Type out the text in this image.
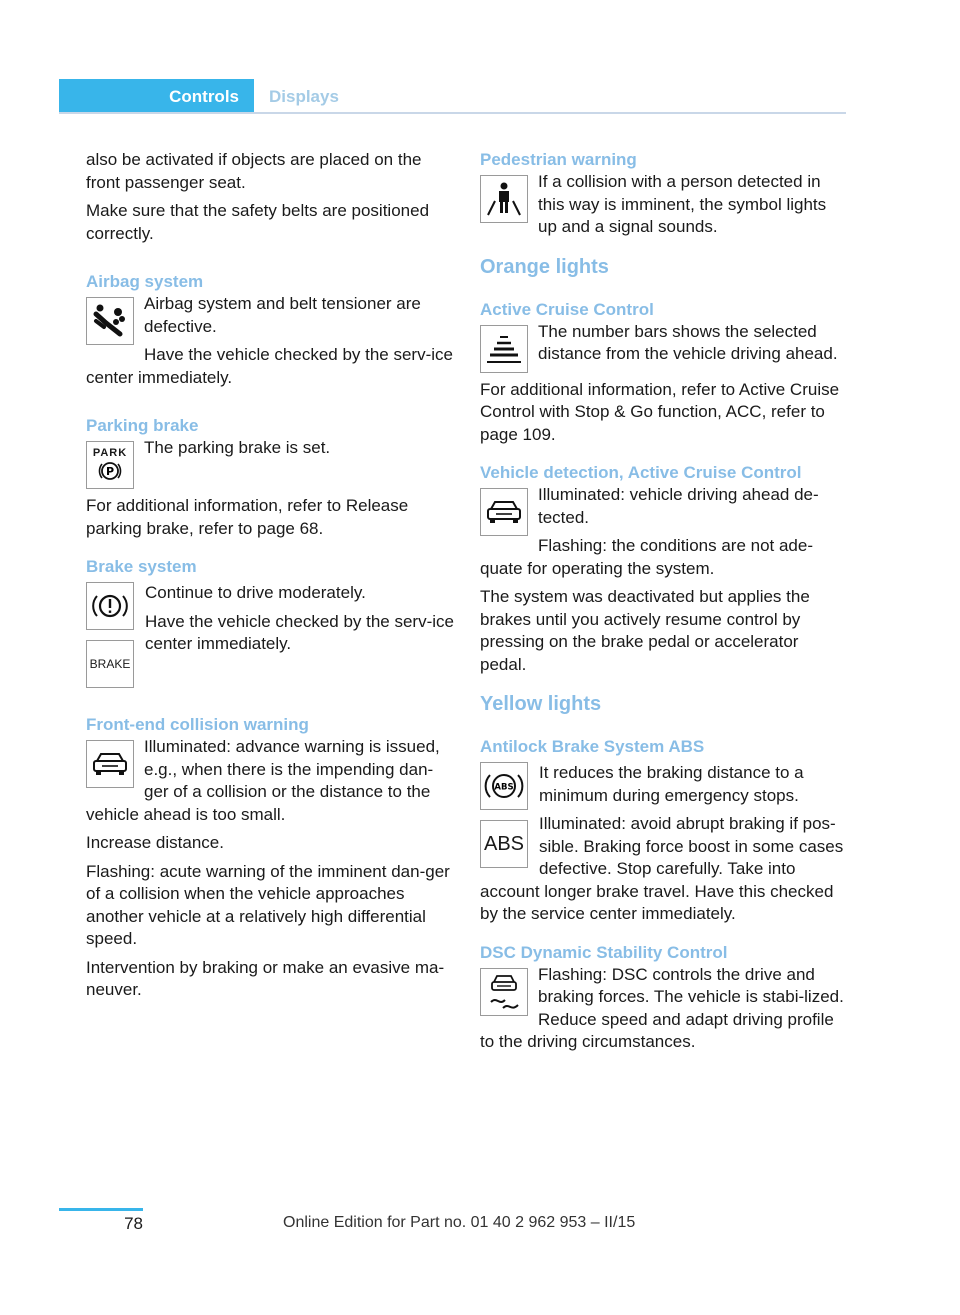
Controls	Displays

also be activated if objects are placed on the front passenger seat.

Make sure that the safety belts are positioned correctly.

Airbag system

Airbag system and belt tensioner are defective.

Have the vehicle checked by the serv‐ice center immediately.

Parking brake
PARK
P

The parking brake is set.

For additional information, refer to Release parking brake, refer to page 68.

Brake system
BRAKE

Continue to drive moderately.

Have the vehicle checked by the serv‐ice center immediately.

Front-end collision warning

Illuminated: advance warning is issued, e.g., when there is the impending dan‐ger of a collision or the distance to the vehicle ahead is too small.

Increase distance.

Flashing: acute warning of the imminent dan‐ger of a collision when the vehicle approaches another vehicle at a relatively high differential speed.

Intervention by braking or make an evasive ma‐neuver.

Pedestrian warning

If a collision with a person detected in this way is imminent, the symbol lights up and a signal sounds.

Orange lights
Active Cruise Control

The number bars shows the selected distance from the vehicle driving ahead.

For additional information, refer to Active Cruise Control with Stop & Go function, ACC, refer to page 109.

Vehicle detection, Active Cruise Control

Illuminated: vehicle driving ahead de‐tected.

Flashing: the conditions are not ade‐quate for operating the system.

The system was deactivated but applies the brakes until you actively resume control by pressing on the brake pedal or accelerator pedal.

Yellow lights
Antilock Brake System ABS
ABS
ABS

It reduces the braking distance to a minimum during emergency stops.

Illuminated: avoid abrupt braking if pos‐sible. Braking force boost in some cases defective. Stop carefully. Take into account longer brake travel. Have this checked by the service center immediately.

DSC Dynamic Stability Control

Flashing: DSC controls the drive and braking forces. The vehicle is stabi‐lized. Reduce speed and adapt driving profile to the driving circumstances.

78	Online Edition for Part no. 01 40 2 962 953 – II/15
